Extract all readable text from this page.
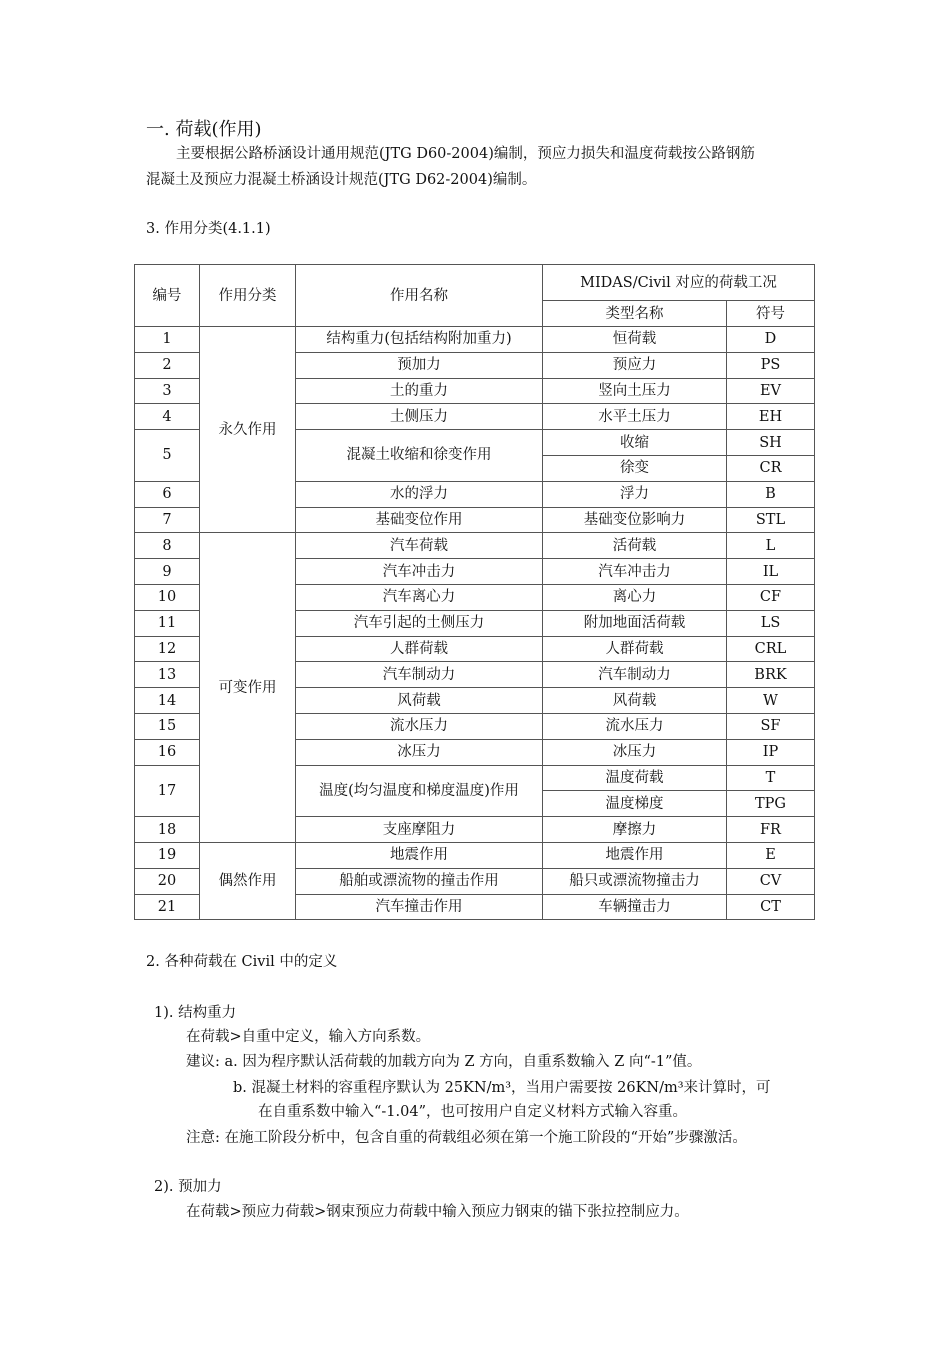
一. 荷载(作用)
主要根据公路桥涵设计通用规范(JTG D60-2004)编制，预应力损失和温度荷载按公路钢筋
混凝土及预应力混凝土桥涵设计规范(JTG D62-2004)编制。
3. 作用分类(4.1.1)
编号	作用分类	作用名称	MIDAS/Civil 对应的荷载工况	
			类型名称	符号
1	永久作用	结构重力(包括结构附加重力)	恒荷载	D
2		预加力	预应力	PS
3		土的重力	竖向土压力	EV
4		土侧压力	水平土压力	EH
5		混凝土收缩和徐变作用	收缩	SH
			徐变	CR
6		水的浮力	浮力	B
7		基础变位作用	基础变位影响力	STL
8	可变作用	汽车荷载	活荷载	L
9		汽车冲击力	汽车冲击力	IL
10		汽车离心力	离心力	CF
11		汽车引起的土侧压力	附加地面活荷载	LS
12		人群荷载	人群荷载	CRL
13		汽车制动力	汽车制动力	BRK
14		风荷载	风荷载	W
15		流水压力	流水压力	SF
16		冰压力	冰压力	IP
17		温度(均匀温度和梯度温度)作用	温度荷载	T
			温度梯度	TPG
18		支座摩阻力	摩擦力	FR
19	偶然作用	地震作用	地震作用	E
20		船舶或漂流物的撞击作用	船只或漂流物撞击力	CV
21		汽车撞击作用	车辆撞击力	CT
2. 各种荷载在 Civil 中的定义
1). 结构重力
在荷载>自重中定义，输入方向系数。
建议: a. 因为程序默认活荷载的加载方向为 Z 方向，自重系数输入 Z 向“-1”值。
b. 混凝土材料的容重程序默认为 25KN/m³，当用户需要按 26KN/m³来计算时，可
在自重系数中输入“-1.04”，也可按用户自定义材料方式输入容重。
注意: 在施工阶段分析中，包含自重的荷载组必须在第一个施工阶段的“开始”步骤激活。
2). 预加力
在荷载>预应力荷载>钢束预应力荷载中输入预应力钢束的锚下张拉控制应力。
